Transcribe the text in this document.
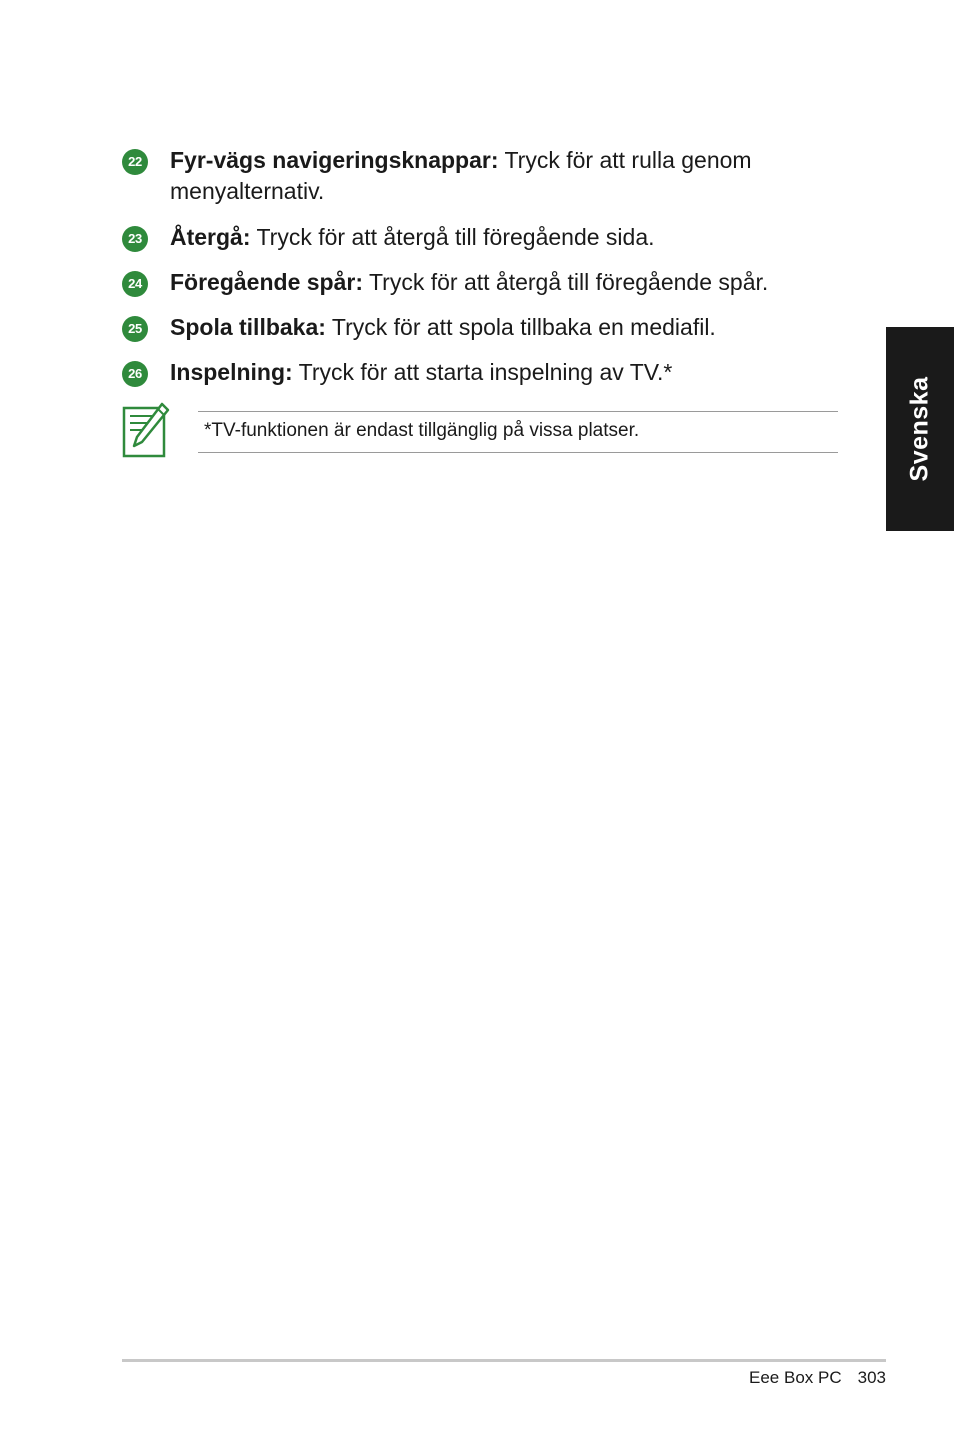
22 Fyr-vägs navigeringsknappar: Tryck för att rulla genom menyalternativ.
23 Återgå: Tryck för att återgå till föregående sida.
24 Föregående spår: Tryck för att återgå till föregående spår.
25 Spola tillbaka: Tryck för att spola tillbaka en mediafil.
26 Inspelning: Tryck för att starta inspelning av TV.*
*TV-funktionen är endast tillgänglig på vissa platser.	Svenska
Eee Box PC 303
